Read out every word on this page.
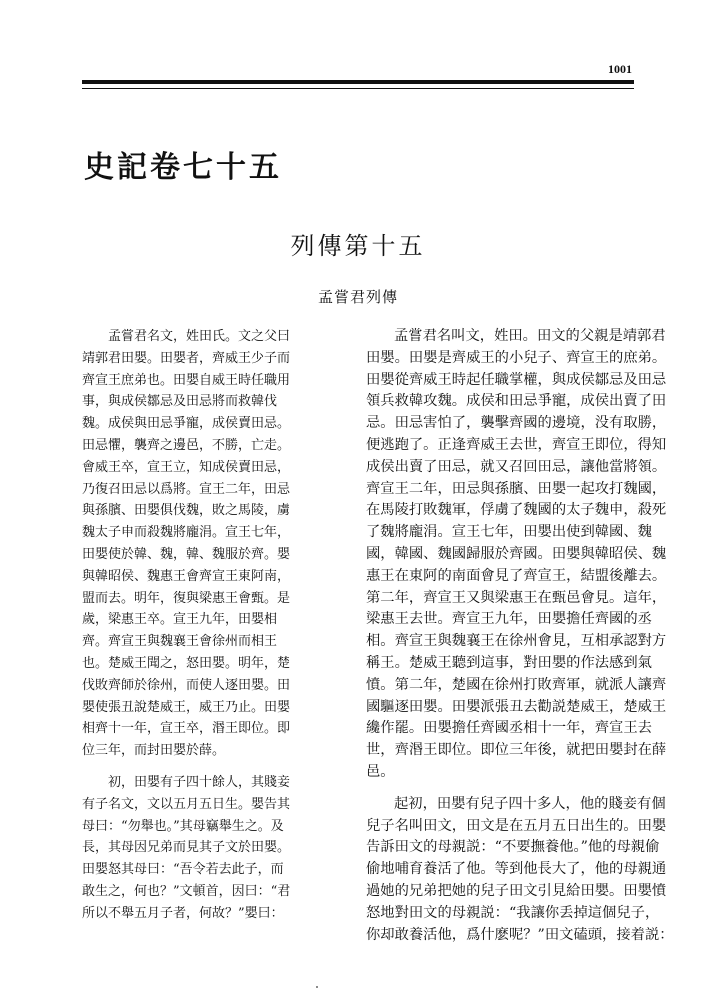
1001
史記卷七十五
列傳第十五
孟嘗君列傳
孟嘗君名文，姓田氏。文之父曰
靖郭君田嬰。田嬰者，齊威王少子而
齊宣王庶弟也。田嬰自威王時任職用
事，與成侯鄒忌及田忌將而救韓伐
魏。成侯與田忌爭寵，成侯賣田忌。
田忌懼，襲齊之邊邑，不勝，亡走。
會威王卒，宣王立，知成侯賣田忌，
乃復召田忌以爲將。宣王二年，田忌
與孫臏、田嬰俱伐魏，敗之馬陵，虜
魏太子申而殺魏將龐涓。宣王七年，
田嬰使於韓、魏，韓、魏服於齊。嬰
與韓昭侯、魏惠王會齊宣王東阿南，
盟而去。明年，復與梁惠王會甄。是
歲，梁惠王卒。宣王九年，田嬰相
齊。齊宣王與魏襄王會徐州而相王
也。楚威王聞之，怒田嬰。明年，楚
伐敗齊師於徐州，而使人逐田嬰。田
嬰使張丑說楚威王，威王乃止。田嬰
相齊十一年，宣王卒，湣王即位。即
位三年，而封田嬰於薛。
初，田嬰有子四十餘人，其賤妾
有子名文，文以五月五日生。嬰告其
母曰：“勿舉也。”其母竊舉生之。及
長，其母因兄弟而見其子文於田嬰。
田嬰怒其母曰：“吾令若去此子，而
敢生之，何也？”文頓首，因曰：“君
所以不舉五月子者，何故？”嬰曰：
孟嘗君名叫文，姓田。田文的父親是靖郭君
田嬰。田嬰是齊威王的小兒子、齊宣王的庶弟。
田嬰從齊威王時起任職掌權，與成侯鄒忌及田忌
領兵救韓攻魏。成侯和田忌爭寵，成侯出賣了田
忌。田忌害怕了，襲擊齊國的邊境，没有取勝，
便逃跑了。正逢齊威王去世，齊宣王即位，得知
成侯出賣了田忌，就又召回田忌，讓他當將領。
齊宣王二年，田忌與孫臏、田嬰一起攻打魏國，
在馬陵打敗魏軍，俘虜了魏國的太子魏申，殺死
了魏將龐涓。宣王七年，田嬰出使到韓國、魏
國，韓國、魏國歸服於齊國。田嬰與韓昭侯、魏
惠王在東阿的南面會見了齊宣王，結盟後離去。
第二年，齊宣王又與梁惠王在甄邑會見。這年，
梁惠王去世。齊宣王九年，田嬰擔任齊國的丞
相。齊宣王與魏襄王在徐州會見，互相承認對方
稱王。楚威王聽到這事，對田嬰的作法感到氣
憤。第二年，楚國在徐州打敗齊軍，就派人讓齊
國驅逐田嬰。田嬰派張丑去勸説楚威王，楚威王
纔作罷。田嬰擔任齊國丞相十一年，齊宣王去
世，齊湣王即位。即位三年後，就把田嬰封在薛
邑。
起初，田嬰有兒子四十多人，他的賤妾有個
兒子名叫田文，田文是在五月五日出生的。田嬰
告訴田文的母親説：“不要撫養他。”他的母親偷
偷地哺育養活了他。等到他長大了，他的母親通
過她的兄弟把她的兒子田文引見給田嬰。田嬰憤
怒地對田文的母親説：“我讓你丢掉這個兒子，
你却敢養活他，爲什麽呢？”田文磕頭，接着説：
